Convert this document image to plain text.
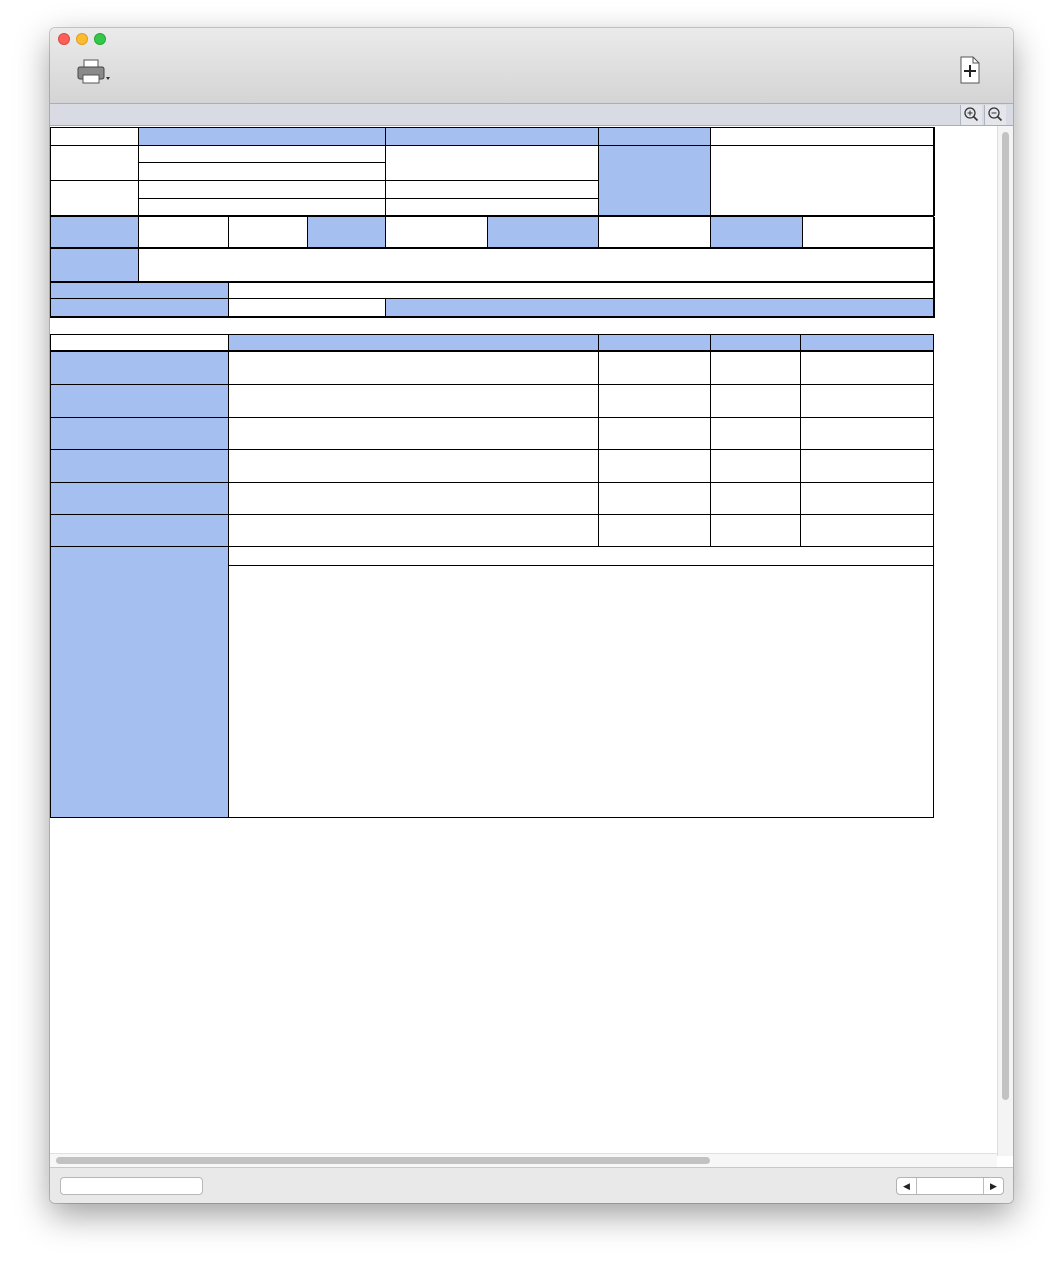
◀	▶
